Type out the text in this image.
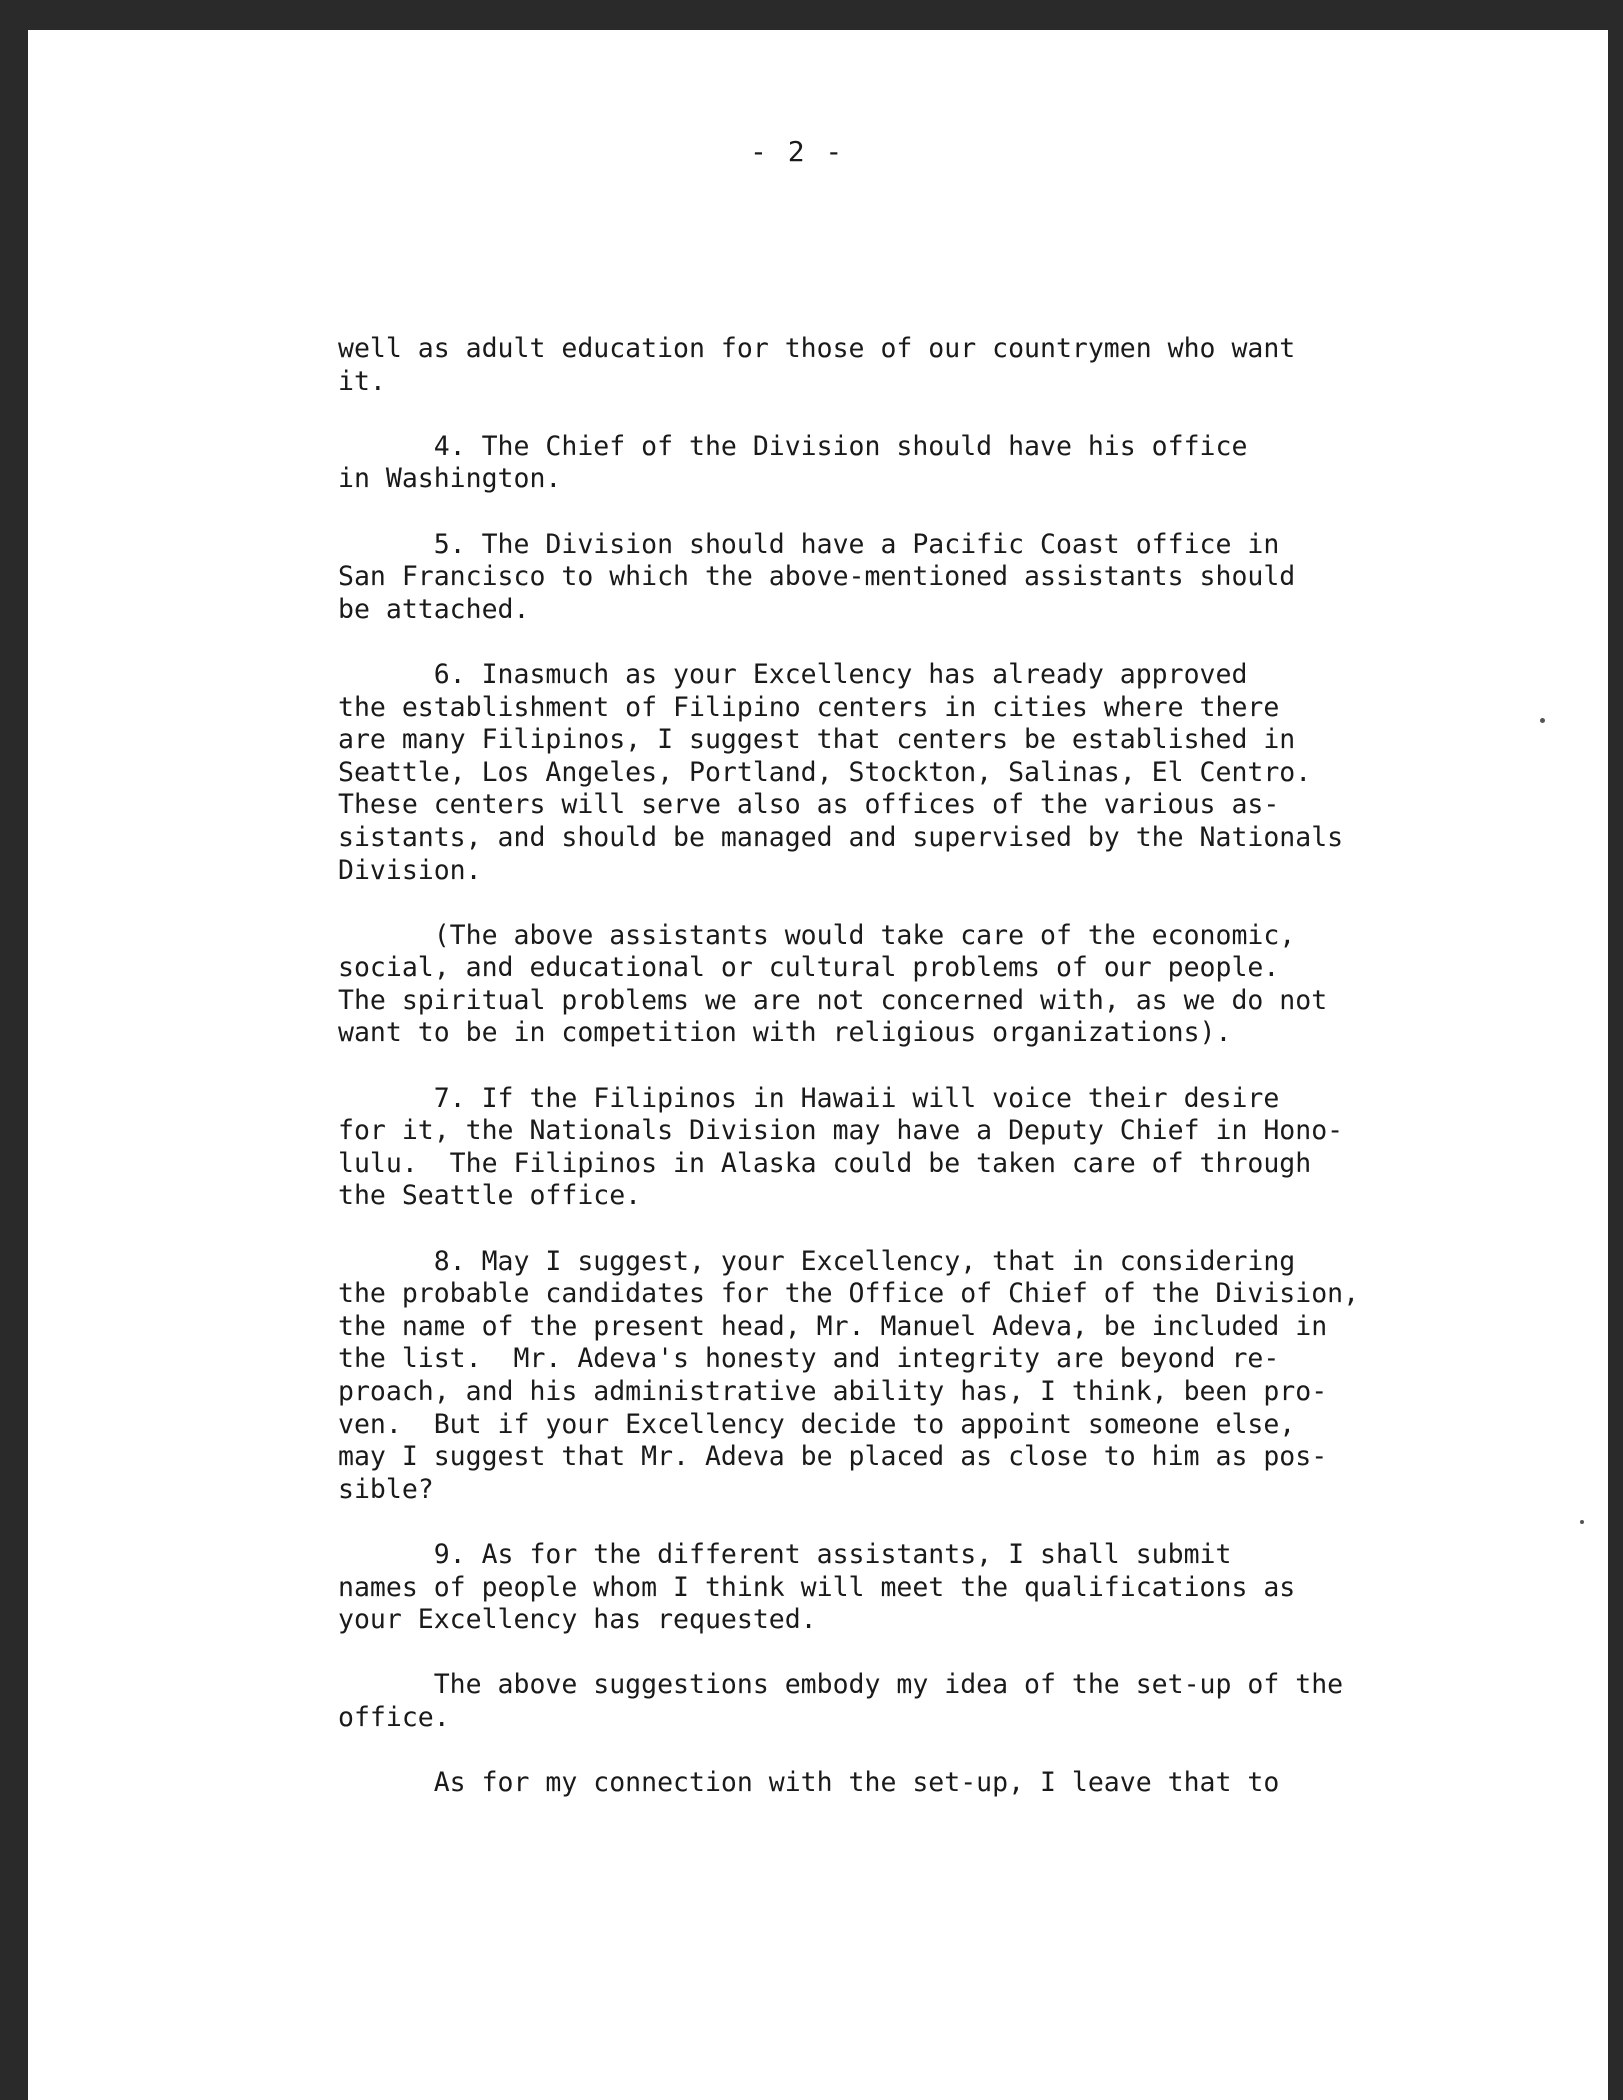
- 2 -
well as adult education for those of our countrymen who want
it.
4. The Chief of the Division should have his office
in Washington.
5. The Division should have a Pacific Coast office in
San Francisco to which the above-mentioned assistants should
be attached.
6. Inasmuch as your Excellency has already approved
the establishment of Filipino centers in cities where there
are many Filipinos, I suggest that centers be established in
Seattle, Los Angeles, Portland, Stockton, Salinas, El Centro.
These centers will serve also as offices of the various as-
sistants, and should be managed and supervised by the Nationals
Division.
(The above assistants would take care of the economic,
social, and educational or cultural problems of our people.
The spiritual problems we are not concerned with, as we do not
want to be in competition with religious organizations).
7. If the Filipinos in Hawaii will voice their desire
for it, the Nationals Division may have a Deputy Chief in Hono-
lulu.  The Filipinos in Alaska could be taken care of through
the Seattle office.
8. May I suggest, your Excellency, that in considering
the probable candidates for the Office of Chief of the Division,
the name of the present head, Mr. Manuel Adeva, be included in
the list.  Mr. Adeva's honesty and integrity are beyond re-
proach, and his administrative ability has, I think, been pro-
ven.  But if your Excellency decide to appoint someone else,
may I suggest that Mr. Adeva be placed as close to him as pos-
sible?
9. As for the different assistants, I shall submit
names of people whom I think will meet the qualifications as
your Excellency has requested.
The above suggestions embody my idea of the set-up of the
office.
As for my connection with the set-up, I leave that to
